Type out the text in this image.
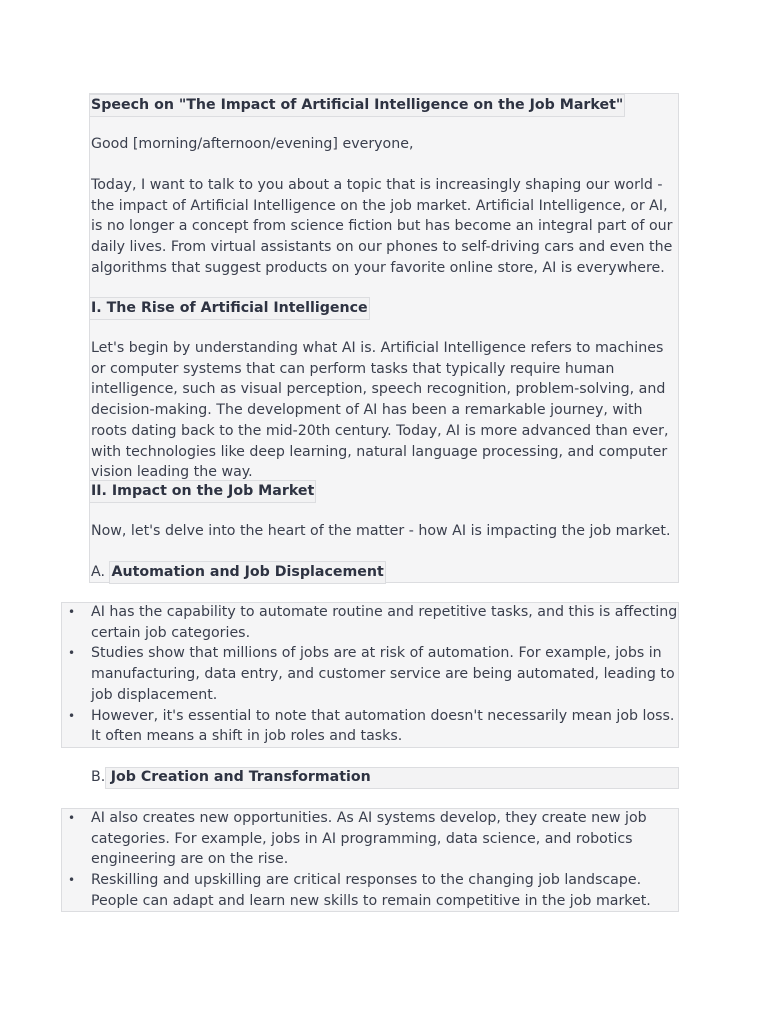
Speech on "The Impact of Artificial Intelligence on the Job Market"

Good [morning/afternoon/evening] everyone,

Today, I want to talk to you about a topic that is increasingly shaping our world - the impact of Artificial Intelligence on the job market. Artificial Intelligence, or AI, is no longer a concept from science fiction but has become an integral part of our daily lives. From virtual assistants on our phones to self-driving cars and even the algorithms that suggest products on your favorite online store, AI is everywhere.

I. The Rise of Artificial Intelligence

Let's begin by understanding what AI is. Artificial Intelligence refers to machines or computer systems that can perform tasks that typically require human intelligence, such as visual perception, speech recognition, problem-solving, and decision-making. The development of AI has been a remarkable journey, with roots dating back to the mid-20th century. Today, AI is more advanced than ever, with technologies like deep learning, natural language processing, and computer vision leading the way.

II. Impact on the Job Market

Now, let's delve into the heart of the matter - how AI is impacting the job market.

A. Automation and Job Displacement
• AI has the capability to automate routine and repetitive tasks, and this is affecting certain job categories.
• Studies show that millions of jobs are at risk of automation. For example, jobs in manufacturing, data entry, and customer service are being automated, leading to job displacement.
• However, it's essential to note that automation doesn't necessarily mean job loss. It often means a shift in job roles and tasks.
B. Job Creation and Transformation
• AI also creates new opportunities. As AI systems develop, they create new job categories. For example, jobs in AI programming, data science, and robotics engineering are on the rise.
• Reskilling and upskilling are critical responses to the changing job landscape. People can adapt and learn new skills to remain competitive in the job market.
